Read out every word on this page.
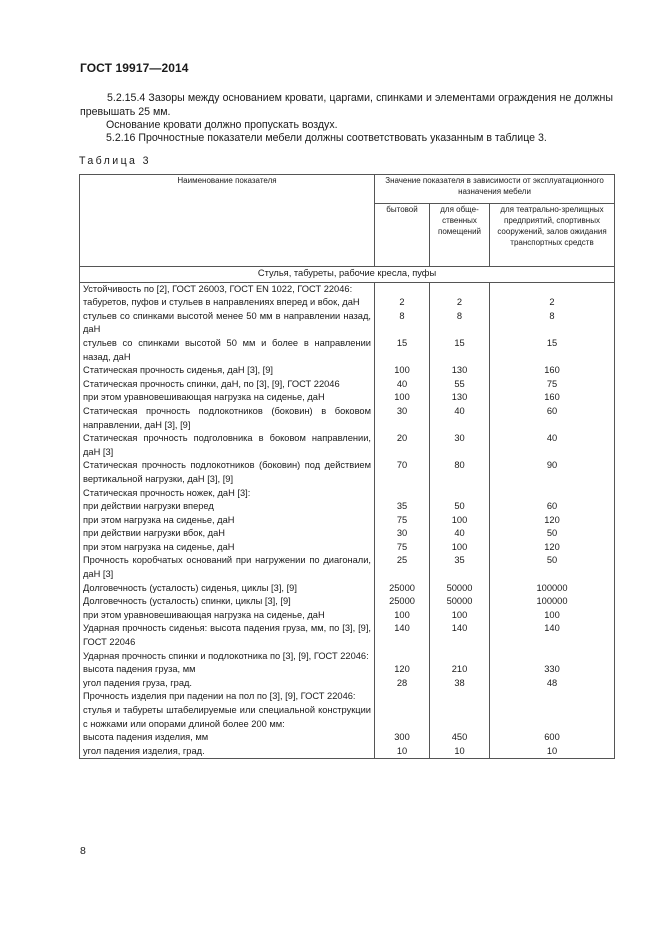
ГОСТ 19917—2014
5.2.15.4 Зазоры между основанием кровати, царгами, спинками и элементами ограждения не должны превышать 25 мм.
Основание кровати должно пропускать воздух.
5.2.16 Прочностные показатели мебели должны соответствовать указанным в таблице 3.
Таблица 3
Наименование показателя	Значение показателя в зависимости от эксплуатационного назначения мебели		
	бытовой	для обще-ственных помещений	для театрально-зрелищных предприятий, спортивных сооружений, залов ожидания транспортных средств
Стулья, табуреты, рабочие кресла, пуфы			
Устойчивость по [2], ГОСТ 26003, ГОСТ EN 1022, ГОСТ 22046:			
табуретов, пуфов и стульев в направлениях вперед и вбок, даН	2	2	2
стульев со спинками высотой менее 50 мм в направлении назад, даН	8	8	8
стульев со спинками высотой 50 мм и более в направлении назад, даН	15	15	15
Статическая прочность сиденья, даН [3], [9]	100	130	160
Статическая прочность спинки, даН, по [3], [9], ГОСТ 22046	40	55	75
при этом уравновешивающая нагрузка на сиденье, даН	100	130	160
Статическая прочность подлокотников (боковин) в боковом направлении, даН [3], [9]	30	40	60
Статическая прочность подголовника в боковом направлении, даН [3]	20	30	40
Статическая прочность подлокотников (боковин) под действием вертикальной нагрузки, даН [3], [9]	70	80	90
Статическая прочность ножек, даН [3]:			
при действии нагрузки вперед	35	50	60
при этом нагрузка на сиденье, даН	75	100	120
при действии нагрузки вбок, даН	30	40	50
при этом нагрузка на сиденье, даН	75	100	120
Прочность коробчатых оснований при нагружении по диагонали, даН [3]	25	35	50
Долговечность (усталость) сиденья, циклы [3], [9]	25000	50000	100000
Долговечность (усталость) спинки, циклы [3], [9]	25000	50000	100000
при этом уравновешивающая нагрузка на сиденье, даН	100	100	100
Ударная прочность сиденья: высота падения груза, мм, по [3], [9], ГОСТ 22046	140	140	140
Ударная прочность спинки и подлокотника по [3], [9], ГОСТ 22046:			
высота падения груза, мм	120	210	330
угол падения груза, град.	28	38	48
Прочность изделия при падении на пол по [3], [9], ГОСТ 22046:			
стулья и табуреты штабелируемые или специальной конструкции с ножками или опорами длиной более 200 мм:			
высота падения изделия, мм	300	450	600
угол падения изделия, град.	10	10	10
8
